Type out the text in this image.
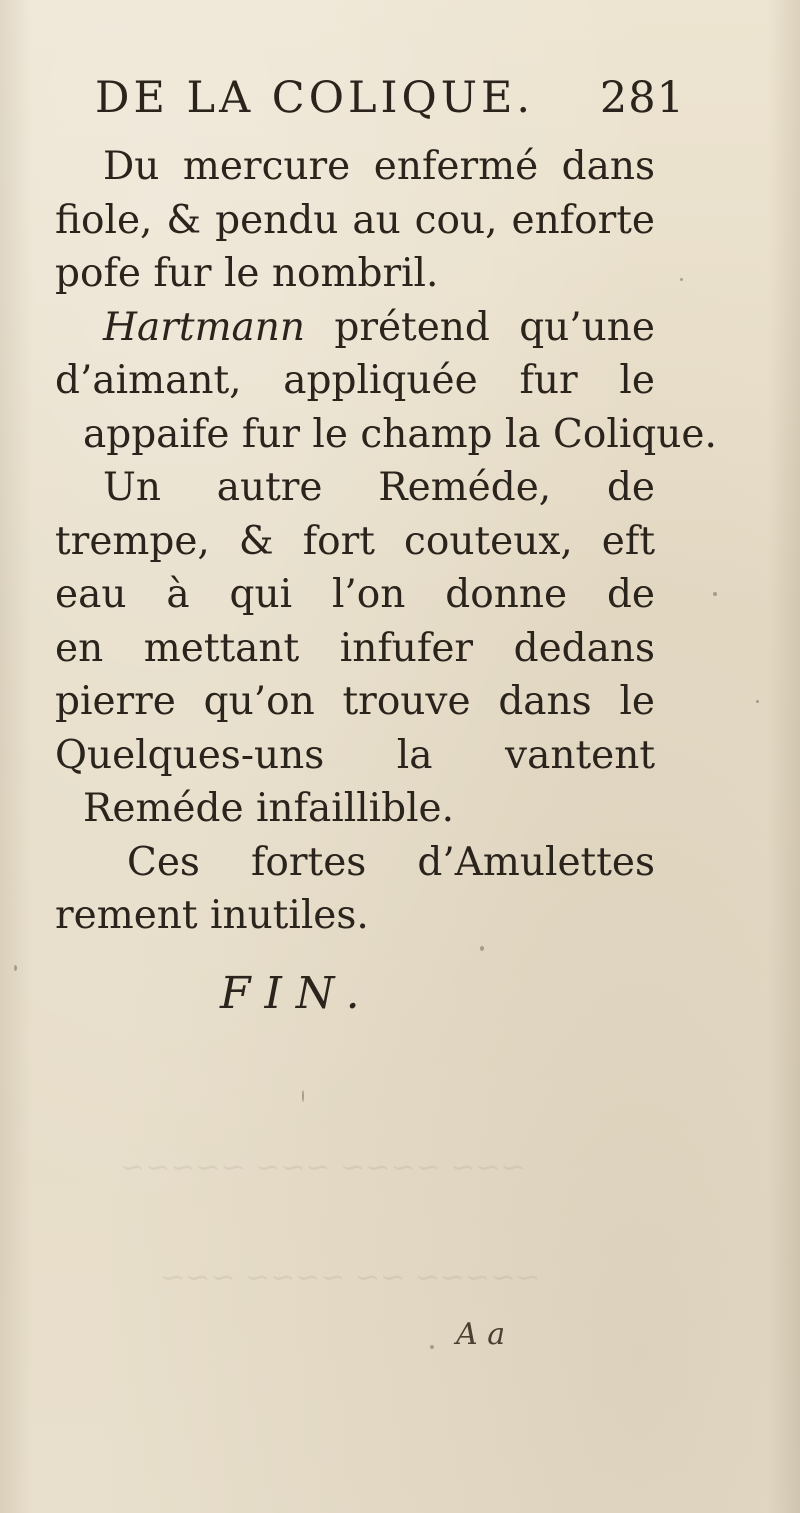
~~~ ~~~~ ~~~ ~~~~~
~~~~~ ~~ ~~~~ ~~~
DE LA COLIQUE. 281
Du mercure enfermé dans
fiole, & pendu au cou, enforte
pofe fur le nombril.
Hartmann prétend qu’une
d’aimant, appliquée fur le
appaife fur le champ la Colique.
Un autre Reméde, de
trempe, & fort couteux, eft
eau à qui l’on donne de
en mettant infufer dedans
pierre qu’on trouve dans le
Quelques-uns la vantent
Reméde infaillible.
Ces fortes d’Amulettes
rement inutiles.
FIN.
A a
